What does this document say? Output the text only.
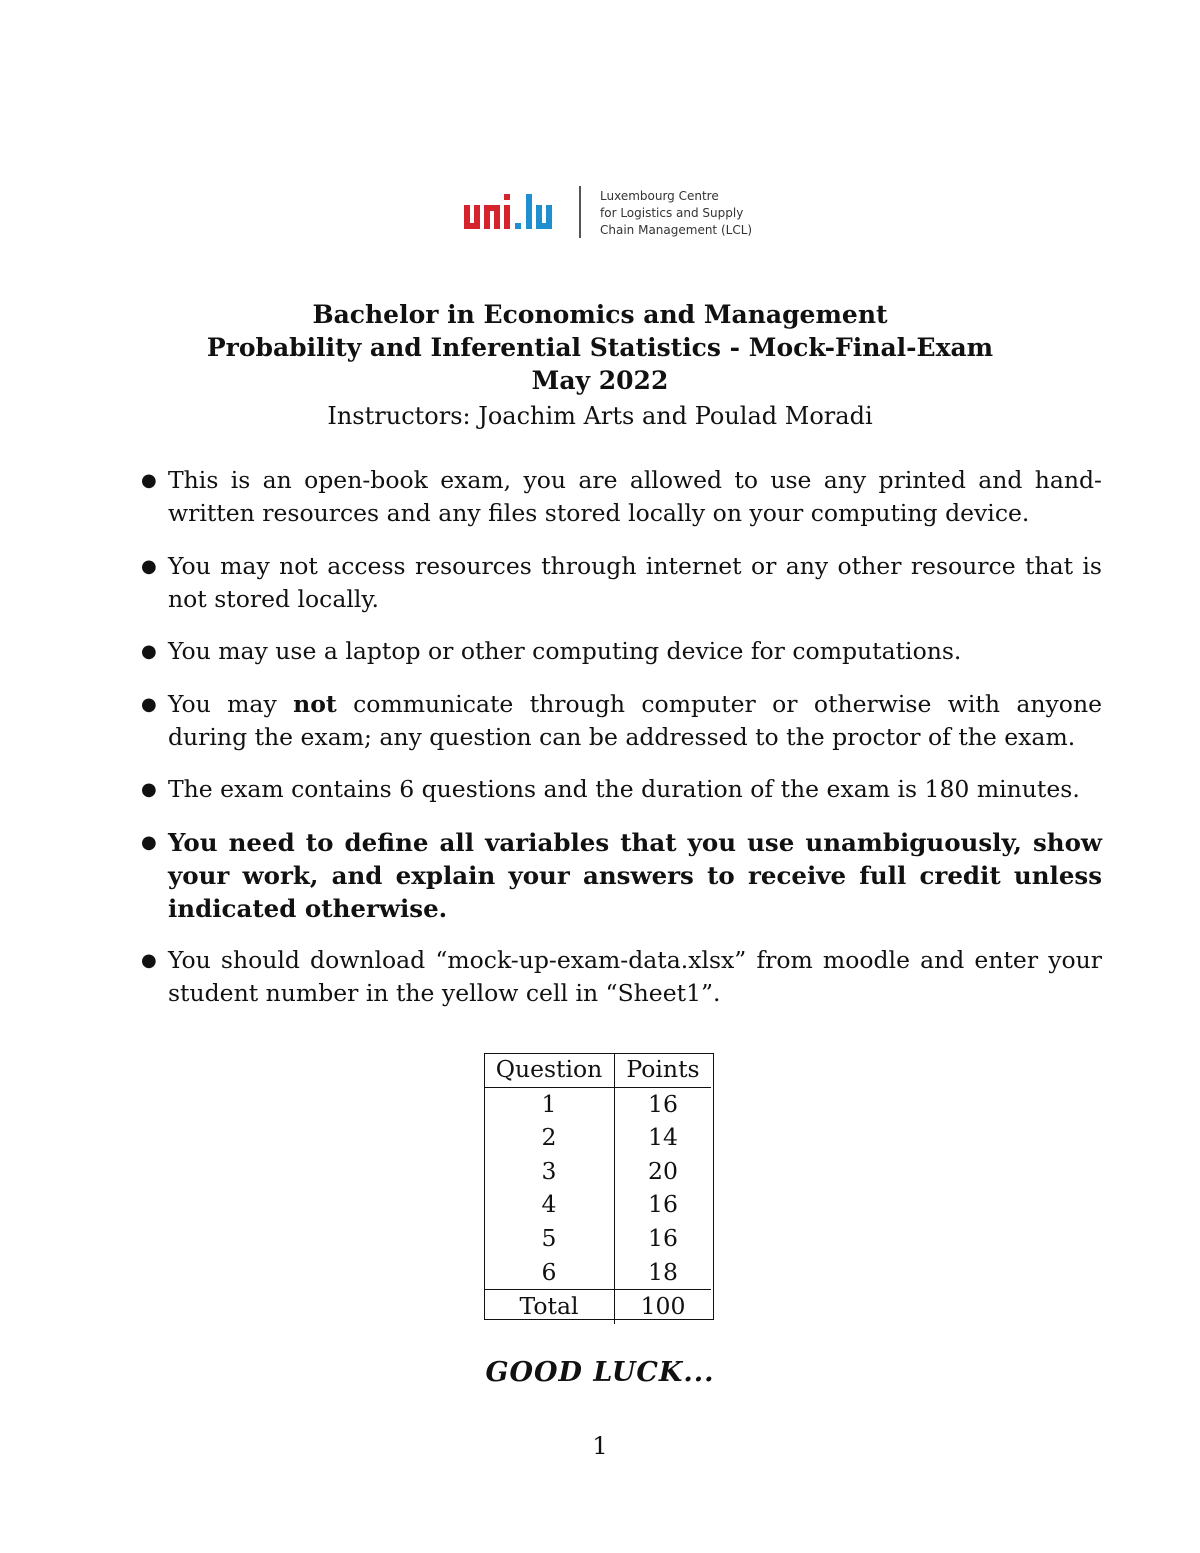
Luxembourg Centre
for Logistics and Supply
Chain Management (LCL)
Bachelor in Economics and Management
Probability and Inferential Statistics - Mock-Final-Exam
May 2022
Instructors: Joachim Arts and Poulad Moradi
● This is an open-book exam, you are allowed to use any printed and hand-written resources and any files stored locally on your computing device.
● You may not access resources through internet or any other resource that is not stored locally.
● You may use a laptop or other computing device for computations.
● You may not communicate through computer or otherwise with anyone during the exam; any question can be addressed to the proctor of the exam.
● The exam contains 6 questions and the duration of the exam is 180 minutes.
● You need to define all variables that you use unambiguously, show your work, and explain your answers to receive full credit unless indicated otherwise.
● You should download “mock-up-exam-data.xlsx” from moodle and enter your student number in the yellow cell in “Sheet1”.
Question	Points
1	16
2	14
3	20
4	16
5	16
6	18
Total	100
GOOD LUCK...
1
